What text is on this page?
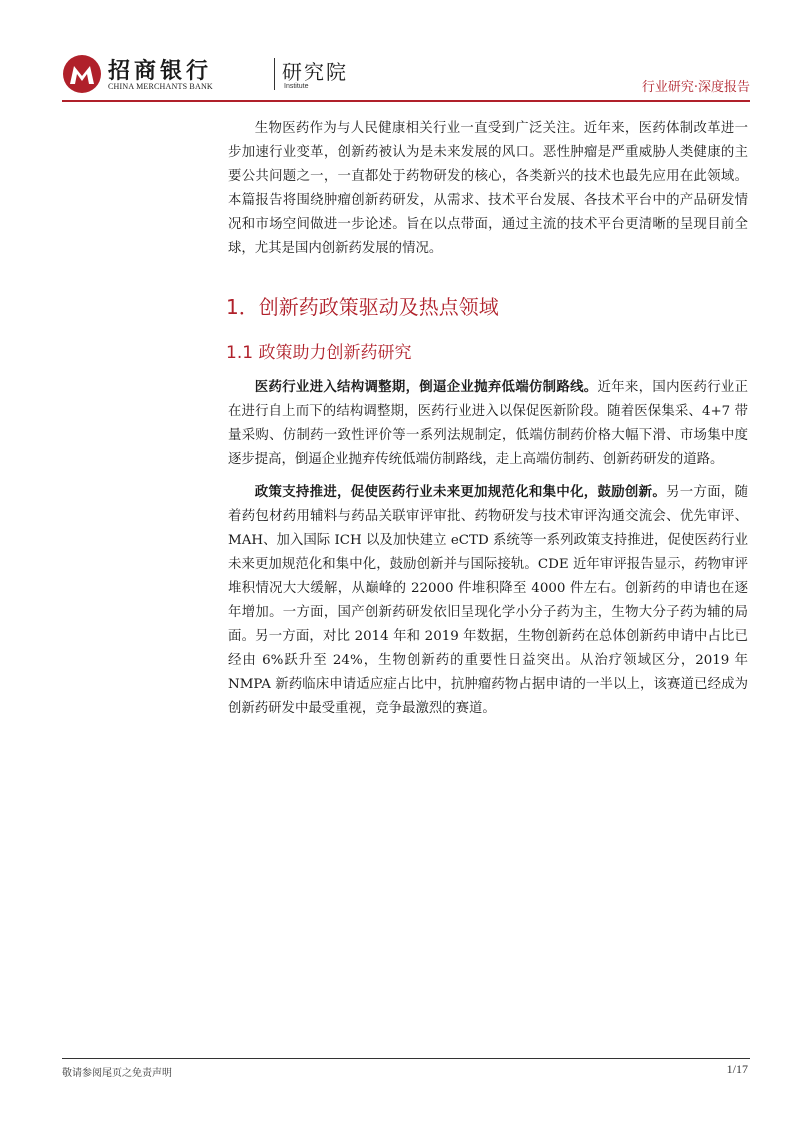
招商银行
CHINA MERCHANTS BANK
研究院
Institute	行业研究·深度报告

生物医药作为与人民健康相关行业一直受到广泛关注。近年来，医药体制改革进一步加速行业变革，创新药被认为是未来发展的风口。恶性肿瘤是严重威胁人类健康的主要公共问题之一，一直都处于药物研发的核心，各类新兴的技术也最先应用在此领域。本篇报告将围绕肿瘤创新药研发，从需求、技术平台发展、各技术平台中的产品研发情况和市场空间做进一步论述。旨在以点带面，通过主流的技术平台更清晰的呈现目前全球，尤其是国内创新药发展的情况。

1．创新药政策驱动及热点领域
1.1 政策助力创新药研究

医药行业进入结构调整期，倒逼企业抛弃低端仿制路线。近年来，国内医药行业正在进行自上而下的结构调整期，医药行业进入以保促医新阶段。随着医保集采、4+7 带量采购、仿制药一致性评价等一系列法规制定，低端仿制药价格大幅下滑、市场集中度逐步提高，倒逼企业抛弃传统低端仿制路线，走上高端仿制药、创新药研发的道路。

政策支持推进，促使医药行业未来更加规范化和集中化，鼓励创新。另一方面，随着药包材药用辅料与药品关联审评审批、药物研发与技术审评沟通交流会、优先审评、MAH、加入国际 ICH 以及加快建立 eCTD 系统等一系列政策支持推进，促使医药行业未来更加规范化和集中化，鼓励创新并与国际接轨。CDE 近年审评报告显示，药物审评堆积情况大大缓解，从巅峰的 22000 件堆积降至 4000 件左右。创新药的申请也在逐年增加。一方面，国产创新药研发依旧呈现化学小分子药为主，生物大分子药为辅的局面。另一方面，对比 2014 年和 2019 年数据，生物创新药在总体创新药申请中占比已经由 6%跃升至 24%，生物创新药的重要性日益突出。从治疗领域区分，2019 年 NMPA 新药临床申请适应症占比中，抗肿瘤药物占据申请的一半以上，该赛道已经成为创新药研发中最受重视，竞争最激烈的赛道。

敬请参阅尾页之免责声明	1/17
